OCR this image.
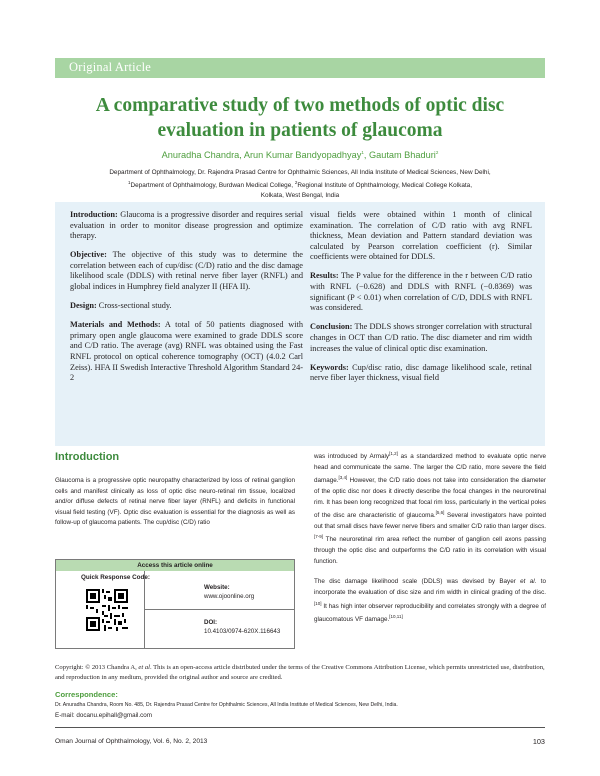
Original Article
A comparative study of two methods of optic disc evaluation in patients of glaucoma
Anuradha Chandra, Arun Kumar Bandyopadhyay$^1$, Gautam Bhaduri$^2$
Department of Ophthalmology, Dr. Rajendra Prasad Centre for Ophthalmic Sciences, All India Institute of Medical Sciences, New Delhi,
$^1$Department of Ophthalmology, Burdwan Medical College, $^2$Regional Institute of Ophthalmology, Medical College Kolkata,
Kolkata, West Bengal, India

Introduction: Glaucoma is a progressive disorder and requires serial evaluation in order to monitor disease progression and optimize therapy.

Objective: The objective of this study was to determine the correlation between each of cup/disc (C/D) ratio and the disc damage likelihood scale (DDLS) with retinal nerve fiber layer (RNFL) and global indices in Humphrey field analyzer II (HFA II).

Design: Cross-sectional study.

Materials and Methods: A total of 50 patients diagnosed with primary open angle glaucoma were examined to grade DDLS score and C/D ratio. The average (avg) RNFL was obtained using the Fast RNFL protocol on optical coherence tomography (OCT) (4.0.2 Carl Zeiss). HFA II Swedish Interactive Threshold Algorithm Standard 24-2

visual fields were obtained within 1 month of clinical examination. The correlation of C/D ratio with avg RNFL thickness, Mean deviation and Pattern standard deviation was calculated by Pearson correlation coefficient (r). Similar coefficients were obtained for DDLS.

Results: The P value for the difference in the r between C/D ratio with RNFL (−0.628) and DDLS with RNFL (−0.8369) was significant (P < 0.01) when correlation of C/D, DDLS with RNFL was considered.

Conclusion: The DDLS shows stronger correlation with structural changes in OCT than C/D ratio. The disc diameter and rim width increases the value of clinical optic disc examination.

Keywords: Cup/disc ratio, disc damage likelihood scale, retinal nerve fiber layer thickness, visual field

Introduction

Glaucoma is a progressive optic neuropathy characterized by loss of retinal ganglion cells and manifest clinically as loss of optic disc neuro-retinal rim tissue, localized and/or diffuse defects of retinal nerve fiber layer (RNFL) and deficits in functional visual field testing (VF). Optic disc evaluation is essential for the diagnosis as well as follow-up of glaucoma patients. The cup/disc (C/D) ratio

was introduced by Armaly[1,2] as a standardized method to evaluate optic nerve head and communicate the same. The larger the C/D ratio, more severe the field damage.[3,4] However, the C/D ratio does not take into consideration the diameter of the optic disc nor does it directly describe the focal changes in the neuroretinal rim. It has been long recognized that focal rim loss, particularly in the vertical poles of the disc are characteristic of glaucoma.[5,6] Several investigators have pointed out that small discs have fewer nerve fibers and smaller C/D ratio than larger discs.[7-9] The neuroretinal rim area reflect the number of ganglion cell axons passing through the optic disc and outperforms the C/D ratio in its correlation with visual function.

The disc damage likelihood scale (DDLS) was devised by Bayer et al. to incorporate the evaluation of disc size and rim width in clinical grading of the disc.[10] It has high inter observer reproducibility and correlates strongly with a degree of glaucomatous VF damage.[10,11]

Access this article online
Quick Response Code:
Website:
www.ojoonline.org
DOI:
10.4103/0974-620X.116643
Copyright: © 2013 Chandra A, et al. This is an open-access article distributed under the terms of the Creative Commons Attribution License, which permits unrestricted use, distribution, and reproduction in any medium, provided the original author and source are credited.
Correspondence:
Dr. Anuradha Chandra, Room No. 485, Dr. Rajendra Prasad Centre for Ophthalmic Sciences, All India Institute of Medical Sciences, New Delhi, India.
E-mail: docanu.epihall@gmail.com
Oman Journal of Ophthalmology, Vol. 6, No. 2, 2013	103
